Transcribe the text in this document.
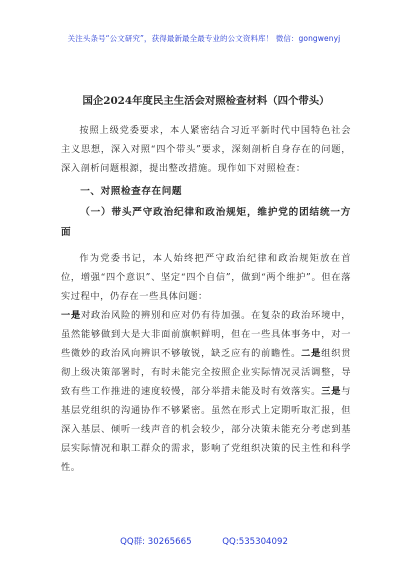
关注头条号“公文研究”，获得最新最全最专业的公文资料库！ 微信：gongwenyj
国企2024年度民主生活会对照检查材料（四个带头）

按照上级党委要求，本人紧密结合习近平新时代中国特色社会主义思想，深入对照“四个带头”要求，深刻剖析自身存在的问题，深入剖析问题根源，提出整改措施。现作如下对照检查：

一、对照检查存在问题

（一）带头严守政治纪律和政治规矩，维护党的团结统一方面

作为党委书记，本人始终把严守政治纪律和政治规矩放在首位，增强“四个意识”、坚定“四个自信”，做到“两个维护”。但在落实过程中，仍存在一些具体问题：

一是对政治风险的辨别和应对仍有待加强。在复杂的政治环境中，虽然能够做到大是大非面前旗帜鲜明，但在一些具体事务中，对一些微妙的政治风向辨识不够敏锐，缺乏应有的前瞻性。二是组织贯彻上级决策部署时，有时未能完全按照企业实际情况灵活调整，导致有些工作推进的速度较慢，部分举措未能及时有效落实。三是与基层党组织的沟通协作不够紧密。虽然在形式上定期听取汇报，但深入基层、倾听一线声音的机会较少，部分决策未能充分考虑到基层实际情况和职工群众的需求，影响了党组织决策的民主性和科学性。

QQ群: 30265665	QQ:535304092
